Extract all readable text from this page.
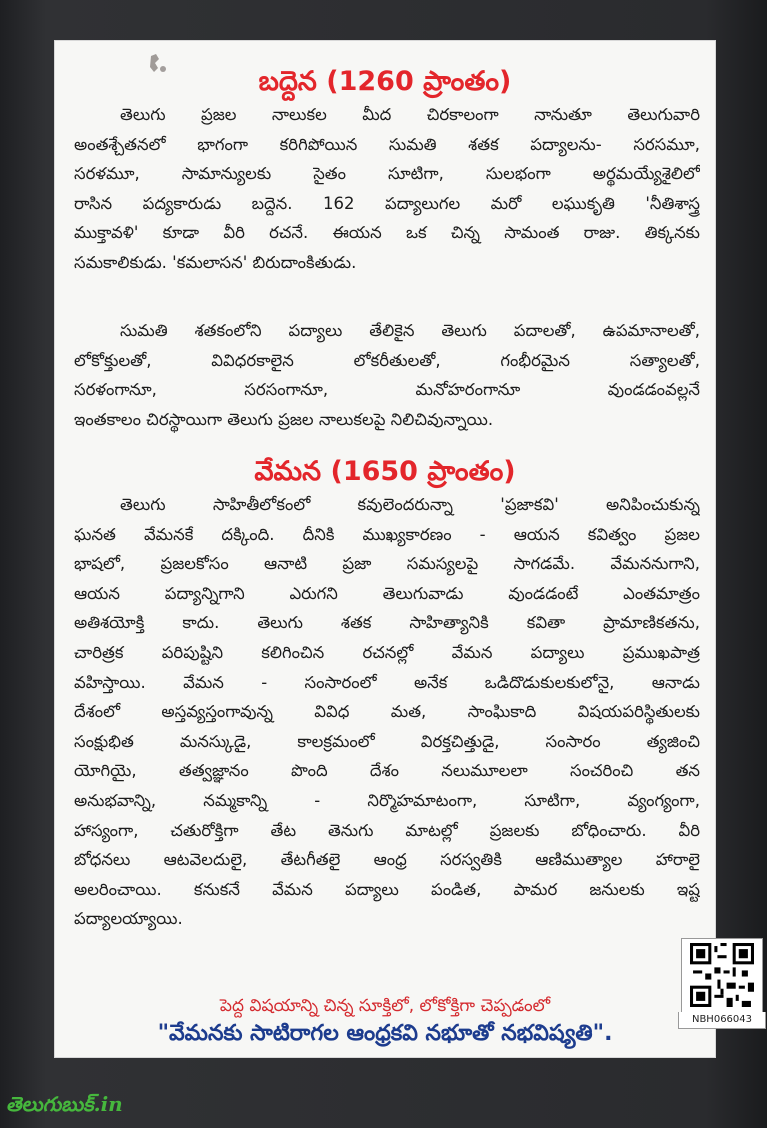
బద్దెన (1260 ప్రాంతం)
తెలుగు ప్రజల నాలుకల మీద చిరకాలంగా నానుతూ తెలుగువారి
అంతశ్చేతనలో భాగంగా కరిగిపోయిన సుమతి శతక పద్యాలను- సరసమూ,
సరళమూ, సామాన్యులకు సైతం సూటిగా, సులభంగా అర్థమయ్యేశైలిలో
రాసిన పద్యకారుడు బద్దెన. 162 పద్యాలుగల మరో లఘుకృతి 'నీతిశాస్త్ర
ముక్తావళి' కూడా వీరి రచనే. ఈయన ఒక చిన్న సామంత రాజు. తిక్కనకు
సమకాలికుడు. 'కమలాసన' బిరుదాంకితుడు.
సుమతి శతకంలోని పద్యాలు తేలికైన తెలుగు పదాలతో, ఉపమానాలతో,
లోకోక్తులతో, వివిధరకాలైన లోకరీతులతో, గంభీరమైన సత్యాలతో,
సరళంగానూ, సరసంగానూ, మనోహరంగానూ వుండడంవల్లనే
ఇంతకాలం చిరస్థాయిగా తెలుగు ప్రజల నాలుకలపై నిలిచివున్నాయి.
వేమన (1650 ప్రాంతం)
తెలుగు సాహితీలోకంలో కవులెందరున్నా 'ప్రజాకవి' అనిపించుకున్న
ఘనత వేమనకే దక్కింది. దీనికి ముఖ్యకారణం - ఆయన కవిత్వం ప్రజల
భాషలో, ప్రజలకోసం ఆనాటి ప్రజా సమస్యలపై సాగడమే. వేమననుగాని,
ఆయన పద్యాన్నిగాని ఎరుగని తెలుగువాడు వుండడంటే ఎంతమాత్రం
అతిశయోక్తి కాదు. తెలుగు శతక సాహిత్యానికి కవితా ప్రామాణికతను,
చారిత్రక పరిపుష్టిని కలిగించిన రచనల్లో వేమన పద్యాలు ప్రముఖపాత్ర
వహిస్తాయి. వేమన - సంసారంలో అనేక ఒడిదొడుకులకులోనై, ఆనాడు
దేశంలో అస్తవ్యస్తంగావున్న వివిధ మత, సాంఘికాది విషయపరిస్థితులకు
సంక్షుభిత మనస్కుడై, కాలక్రమంలో విరక్తచిత్తుడై, సంసారం త్యజించి
యోగియై, తత్వజ్ఞానం పొంది దేశం నలుమూలలా సంచరించి తన
అనుభవాన్ని, నమ్మకాన్ని - నిర్మొహమాటంగా, సూటిగా, వ్యంగ్యంగా,
హాస్యంగా, చతురోక్తిగా తేట తెనుగు మాటల్లో ప్రజలకు బోధించారు. వీరి
బోధనలు ఆటవెలదులై, తేటగీతలై ఆంధ్ర సరస్వతికి ఆణిముత్యాల హారాలై
అలరించాయి. కనుకనే వేమన పద్యాలు పండిత, పామర జనులకు ఇష్ట
పద్యాలయ్యాయి.
పెద్ద విషయాన్ని చిన్న సూక్తిలో, లోకోక్తిగా చెప్పడంలో
"వేమనకు సాటిరాగల ఆంధ్రకవి నభూతో నభవిష్యతి".
NBH066043
తెలుగుబుక్.in
